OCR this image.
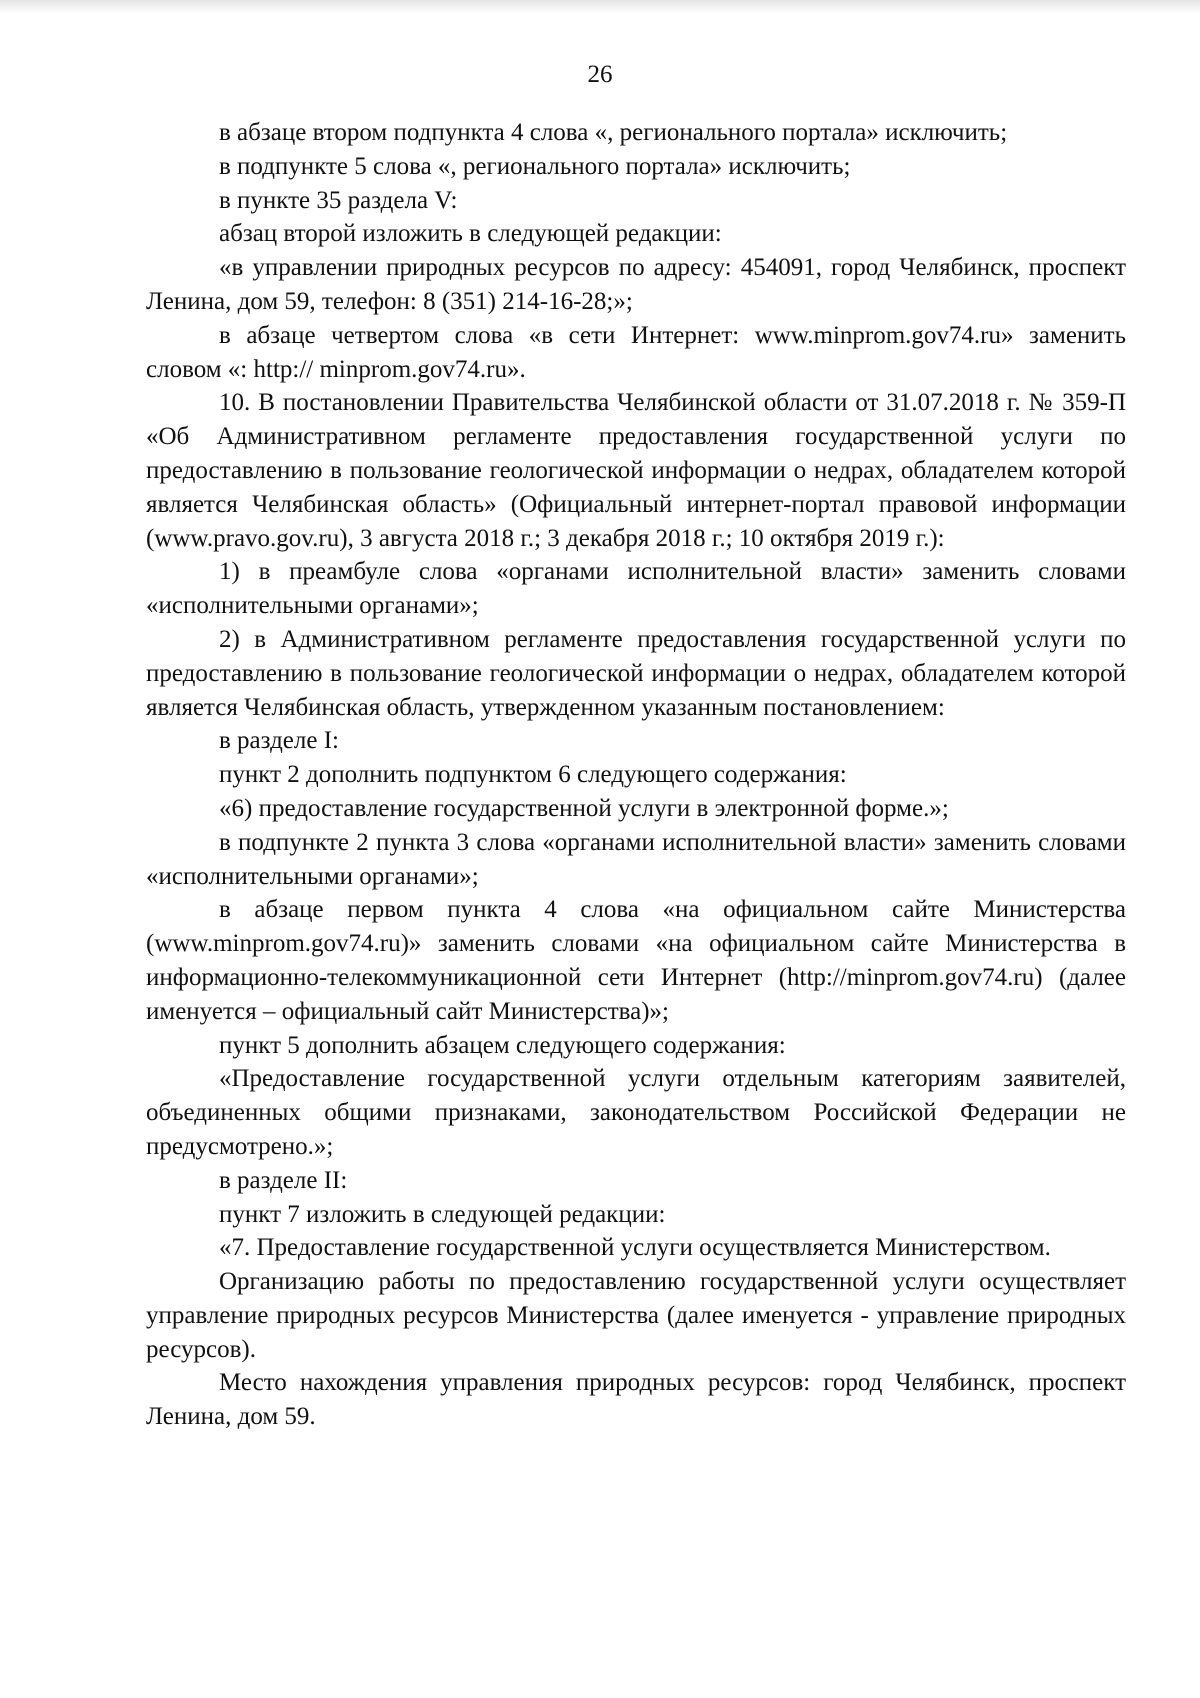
26

в абзаце втором подпункта 4 слова «, регионального портала» исключить;

в подпункте 5 слова «, регионального портала» исключить;

в пункте 35 раздела V:

абзац второй изложить в следующей редакции:

«в управлении природных ресурсов по адресу: 454091, город Челябинск, проспект Ленина, дом 59, телефон: 8 (351) 214-16-28;»;

в абзаце четвертом слова «в сети Интернет: www.minprom.gov74.ru» заменить словом «: http:// minprom.gov74.ru».

10. В постановлении Правительства Челябинской области от 31.07.2018 г. № 359-П «Об Административном регламенте предоставления государственной услуги по предоставлению в пользование геологической информации о недрах, обладателем которой является Челябинская область» (Официальный интернет-портал правовой информации (www.pravo.gov.ru), 3 августа 2018 г.; 3 декабря 2018 г.; 10 октября 2019 г.):

1) в преамбуле слова «органами исполнительной власти» заменить словами «исполнительными органами»;

2) в Административном регламенте предоставления государственной услуги по предоставлению в пользование геологической информации о недрах, обладателем которой является Челябинская область, утвержденном указанным постановлением:

в разделе I:

пункт 2 дополнить подпунктом 6 следующего содержания:

«6) предоставление государственной услуги в электронной форме.»;

в подпункте 2 пункта 3 слова «органами исполнительной власти» заменить словами «исполнительными органами»;

в абзаце первом пункта 4 слова «на официальном сайте Министерства (www.minprom.gov74.ru)» заменить словами «на официальном сайте Министерства в информационно-телекоммуникационной сети Интернет (http://minprom.gov74.ru) (далее именуется – официальный сайт Министерства)»;

пункт 5 дополнить абзацем следующего содержания:

«Предоставление государственной услуги отдельным категориям заявителей, объединенных общими признаками, законодательством Российской Федерации не предусмотрено.»;

в разделе II:

пункт 7 изложить в следующей редакции:

«7. Предоставление государственной услуги осуществляется Министерством.

Организацию работы по предоставлению государственной услуги осуществляет управление природных ресурсов Министерства (далее именуется - управление природных ресурсов).

Место нахождения управления природных ресурсов: город Челябинск, проспект Ленина, дом 59.
